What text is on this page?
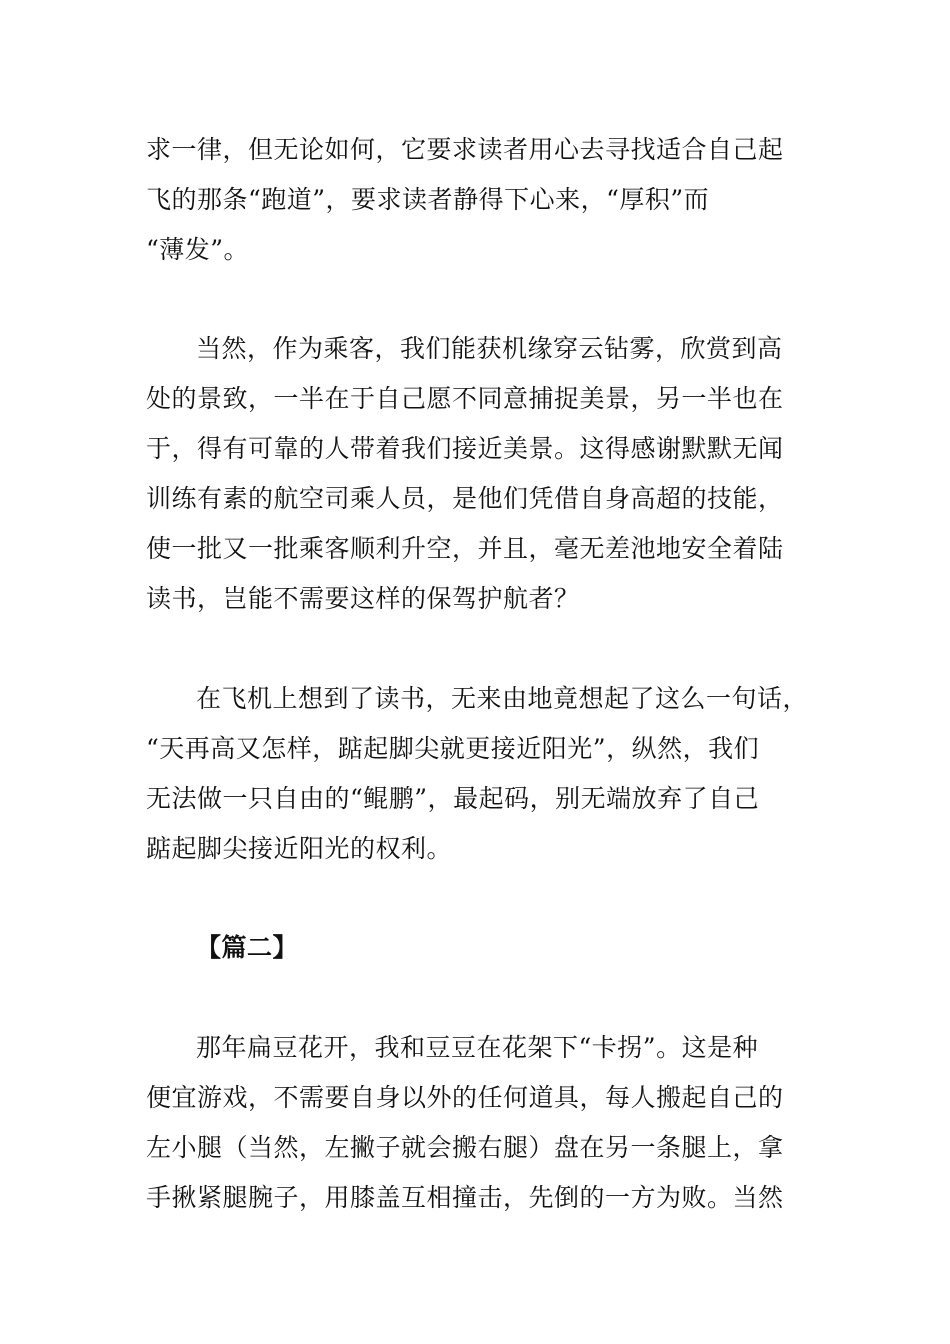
求一律，但无论如何，它要求读者用心去寻找适合自己起
飞的那条“跑道”，要求读者静得下心来，“厚积”而
“薄发”。
当然，作为乘客，我们能获机缘穿云钻雾，欣赏到高
处的景致，一半在于自己愿不同意捕捉美景，另一半也在
于，得有可靠的人带着我们接近美景。这得感谢默默无闻
训练有素的航空司乘人员，是他们凭借自身高超的技能，
使一批又一批乘客顺利升空，并且，毫无差池地安全着陆
读书，岂能不需要这样的保驾护航者？
在飞机上想到了读书，无来由地竟想起了这么一句话，
“天再高又怎样，踮起脚尖就更接近阳光”，纵然，我们
无法做一只自由的“鲲鹏”，最起码，别无端放弃了自己
踮起脚尖接近阳光的权利。
【篇二】
那年扁豆花开，我和豆豆在花架下“卡拐”。这是种
便宜游戏，不需要自身以外的任何道具，每人搬起自己的
左小腿（当然，左撇子就会搬右腿）盘在另一条腿上，拿
手揪紧腿腕子，用膝盖互相撞击，先倒的一方为败。当然
